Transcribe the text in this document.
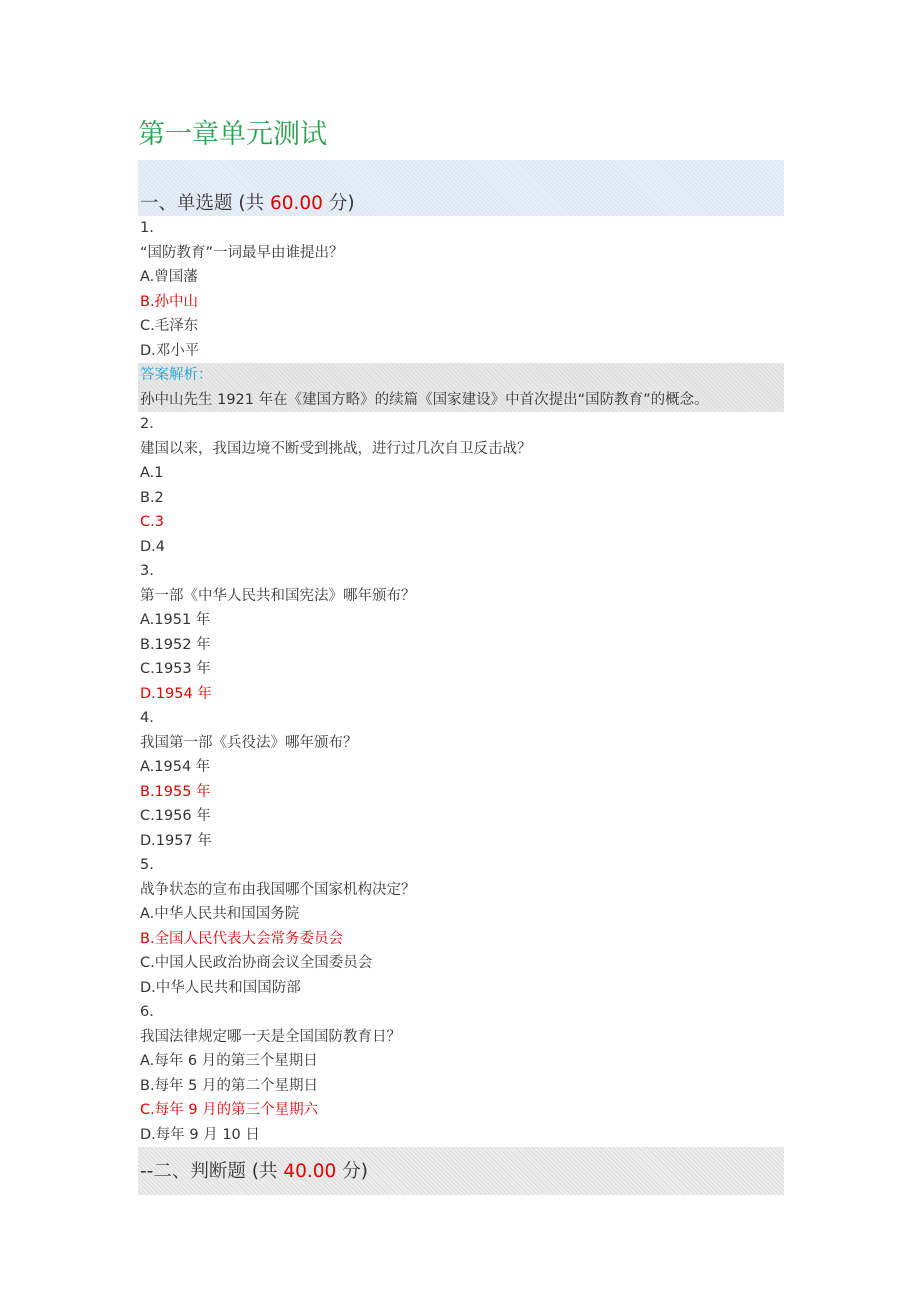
第一章单元测试
一、单选题 (共 60.00 分)
1.
“国防教育”一词最早由谁提出？
A.曾国藩
B.孙中山
C.毛泽东
D.邓小平
答案解析：
孙中山先生 1921 年在《建国方略》的续篇《国家建设》中首次提出“国防教育”的概念。
2.
建国以来，我国边境不断受到挑战，进行过几次自卫反击战？
A.1
B.2
C.3
D.4
3.
第一部《中华人民共和国宪法》哪年颁布？
A.1951 年
B.1952 年
C.1953 年
D.1954 年
4.
我国第一部《兵役法》哪年颁布？
A.1954 年
B.1955 年
C.1956 年
D.1957 年
5.
战争状态的宣布由我国哪个国家机构决定？
A.中华人民共和国国务院
B.全国人民代表大会常务委员会
C.中国人民政治协商会议全国委员会
D.中华人民共和国国防部
6.
我国法律规定哪一天是全国国防教育日？
A.每年 6 月的第三个星期日
B.每年 5 月的第二个星期日
C.每年 9 月的第三个星期六
D.每年 9 月 10 日
--二、判断题 (共 40.00 分)
